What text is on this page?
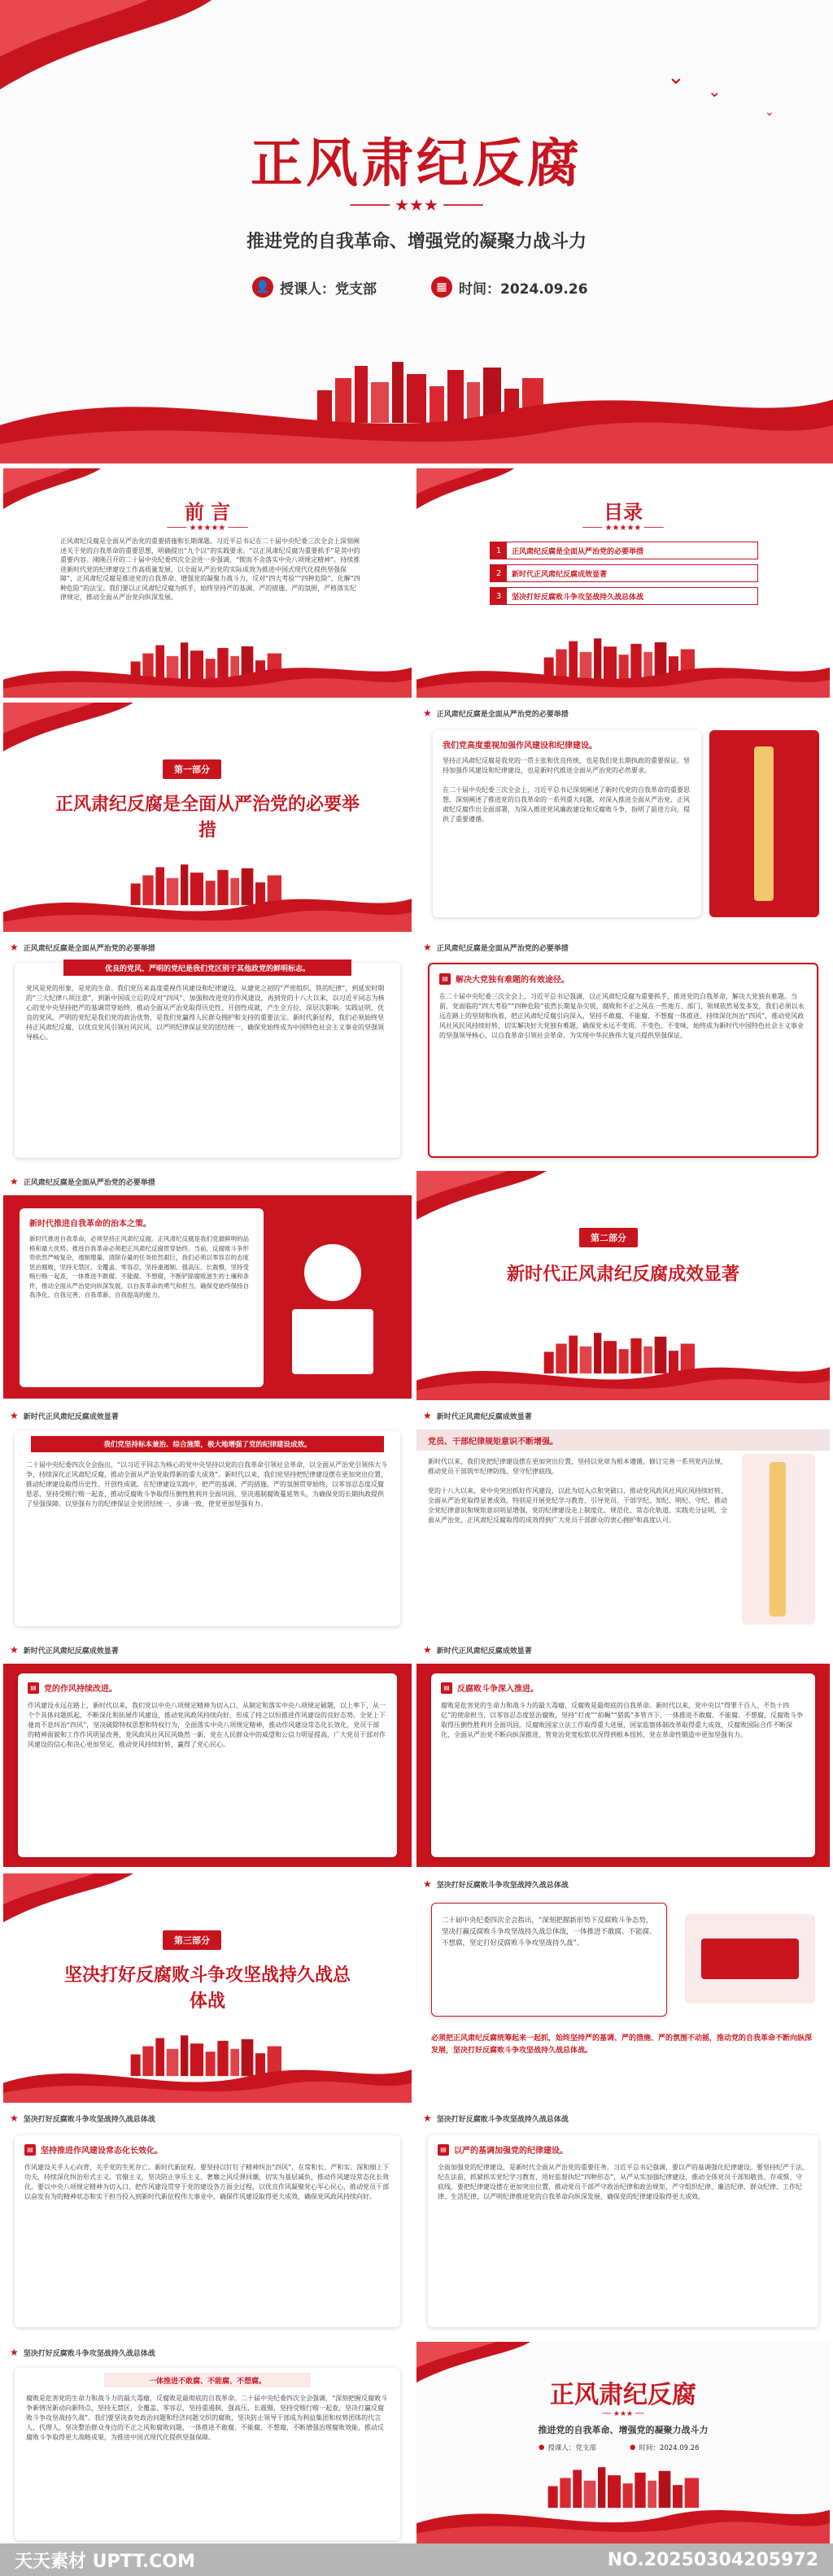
⌄
⌄
⌄
正风肃纪反腐
──── ★★★ ────
推进党的自我革命、增强党的凝聚力战斗力
👤 授课人：党支部	▦ 时间：2024.09.26
前 言
──── ★★★★★ ────
正风肃纪反腐是全面从严治党的重要措施和长期课题。习近平总书记在二十届中央纪委三次全会上深刻阐述关于党的自我革命的重要思想，明确提出“九个以”的实践要求。“以正风肃纪反腐为重要抓手”是其中的重要内容。刚刚召开的二十届中央纪委四次全会进一步强调，“锲而不舍落实中央八项规定精神”。持续推进新时代党的纪律建设工作高质量发展，以全面从严治党的实际成效为推进中国式现代化提供坚强保障”，正风肃纪反腐是推进党的自我革命、增强党的凝聚力战斗力，反对“四大考验”“四种危险”，化解“四种危险”的法宝。我们要以正风肃纪反腐为抓手，始终坚持严的基调、严的措施、严的氛围，严格落实纪律规定，推动全面从严治党向纵深发展。
目录
──── ★★★★★ ────
1	正风肃纪反腐是全面从严治党的必要举措
2	新时代正风肃纪反腐成效显著
3	坚决打好反腐败斗争攻坚战持久战总体战
第一部分
正风肃纪反腐是全面从严治党的必要举措
★ 正风肃纪反腐是全面从严治党的必要举措
我们党高度重视加强作风建设和纪律建设。
坚持正风肃纪反腐是我党的一贯主张和优良传统，也是我们党长期执政的重要保证。坚持加强作风建设和纪律建设，也是新时代推进全面从严治党的必然要求。

在二十届中央纪委三次全会上，习近平总书记深刻阐述了新时代党的自我革命的重要思想，深刻阐述了推进党的自我革命的一系列重大问题，对深入推进全面从严治党、正风肃纪反腐作出全面部署，为深入推进党风廉政建设和反腐败斗争，指明了前进方向，提供了重要遵循。
★ 正风肃纪反腐是全面从严治党的必要举措
优良的党风、严明的党纪是我们党区别于其他政党的鲜明标志。
党风是党的形象，是党的生命。我们党历来高度重视作风建设和纪律建设。从建党之初的“严密组织、铁的纪律”，到延安时期的“三大纪律八项注意”，到新中国成立后的反对“四风”、加强和改进党的作风建设，再到党的十八大以来，以习近平同志为核心的党中央坚持把严的基调贯穿始终，推动全面从严治党取得历史性、开创性成就，产生全方位、深层次影响。实践证明，优良的党风、严明的党纪是我们党的政治优势，是我们党赢得人民群众拥护和支持的重要法宝。新时代新征程，我们必须始终坚持正风肃纪反腐，以优良党风引领社风民风，以严明纪律保证党的团结统一，确保党始终成为中国特色社会主义事业的坚强领导核心。
★ 正风肃纪反腐是全面从严治党的必要举措
▤ 解决大党独有难题的有效途径。
在二十届中央纪委三次全会上，习近平总书记强调，以正风肃纪反腐为重要抓手，推进党的自我革命，解决大党独有难题。当前，党面临的“四大考验”“四种危险”依然长期复杂尖锐，腐败和不正之风在一些地方、部门、领域依然易发多发，我们必须以永远在路上的坚韧和执着，把正风肃纪反腐引向深入，坚持不敢腐、不能腐、不想腐一体推进，持续深化纠治“四风”，推动党风政风社风民风持续好转，切实解决好大党独有难题，确保党永远不变质、不变色、不变味，始终成为新时代中国特色社会主义事业的坚强领导核心，以自我革命引领社会革命，为实现中华民族伟大复兴提供坚强保证。
★ 正风肃纪反腐是全面从严治党的必要举措
新时代推进自我革命的治本之策。
新时代推进自我革命，必须坚持正风肃纪反腐。正风肃纪反腐是我们党最鲜明的品格和最大优势，推进自我革命必须把正风肃纪反腐贯穿始终。当前，反腐败斗争形势依然严峻复杂，遏制增量、清除存量的任务依然艰巨，我们必须以零容忍的态度惩治腐败，坚持无禁区、全覆盖、零容忍，坚持重遏制、强高压、长震慑，坚持受贿行贿一起查，一体推进不敢腐、不能腐、不想腐，不断铲除腐败滋生的土壤和条件，推动全面从严治党向纵深发展，以自我革命的勇气和担当，确保党始终保持自我净化、自我完善、自我革新、自我提高的能力。
第二部分
新时代正风肃纪反腐成效显著
★ 新时代正风肃纪反腐成效显著
我们党坚持标本兼治、综合施策，极大地增强了党的纪律建设成效。
二十届中央纪委四次全会指出，“以习近平同志为核心的党中央坚持以党的自我革命引领社会革命，以全面从严治党引领伟大斗争，持续深化正风肃纪反腐，推动全面从严治党取得新的重大成效”。新时代以来，我们党坚持把纪律建设摆在更加突出位置，推动纪律建设取得历史性、开创性成就。在纪律建设实践中，把严的基调、严的措施、严的氛围贯穿始终，以零容忍态度反腐惩恶，坚持受贿行贿一起查，推动反腐败斗争取得压倒性胜利并全面巩固，坚决遏制腐败蔓延势头，为确保党的长期执政提供了坚强保障。以坚强有力的纪律保证全党团结统一、步调一致，使党更加坚强有力。
★ 新时代正风肃纪反腐成效显著
党员、干部纪律规矩意识不断增强。
新时代以来，我们党把纪律建设摆在更加突出位置，坚持以党章为根本遵循，修订完善一系列党内法规，推动党员干部筑牢纪律防线、坚守纪律底线。

党的十八大以来，党中央突出抓好作风建设，以此为切入点和突破口，推动党风政风社风民风持续好转，全面从严治党取得显著成效。特别是开展党纪学习教育，引导党员、干部学纪、知纪、明纪、守纪，推动全党纪律意识和规矩意识明显增强，党的纪律建设走上制度化、规范化、常态化轨道。实践充分证明，全面从严治党、正风肃纪反腐取得的成效得到广大党员干部群众的衷心拥护和高度认可。
★ 新时代正风肃纪反腐成效显著
▤ 党的作风持续改进。
作风建设永远在路上，新时代以来，我们党以中央八项规定精神为切入口，从制定和落实中央八项规定破题，以上率下，从一个个具体问题抓起，不断深化和拓展作风建设，推动党风政风持续向好，形成了持之以恒推进作风建设的良好态势。全党上下驰而不息纠治“四风”，坚决破除特权思想和特权行为，全面落实中央八项规定精神，推动作风建设常态化长效化，党员干部的精神面貌和工作作风明显改善，党风政风社风民风焕然一新，党在人民群众中的威望和公信力明显提高，广大党员干部对作风建设的信心和决心更加坚定，推动党风持续好转，赢得了党心民心。
★ 新时代正风肃纪反腐成效显著
▤ 反腐败斗争深入推进。
腐败是危害党的生命力和战斗力的最大毒瘤，反腐败是最彻底的自我革命。新时代以来，党中央以“得罪千百人、不负十四亿”的使命担当，以零容忍态度惩治腐败，坚持“打虎”“拍蝇”“猎狐”多管齐下，一体推进不敢腐、不能腐、不想腐，反腐败斗争取得压倒性胜利并全面巩固。反腐败国家立法工作取得重大进展，国家监察体制改革取得重大成效，反腐败国际合作不断深化，全面从严治党不断向纵深推进，管党治党宽松软状况得到根本扭转，党在革命性锻造中更加坚强有力。
第三部分
坚决打好反腐败斗争攻坚战持久战总体战
★ 坚决打好反腐败斗争攻坚战持久战总体战
二十届中央纪委四次全会指出，“深刻把握新形势下反腐败斗争态势，坚决打赢反腐败斗争攻坚战持久战总体战，一体推进不敢腐、不能腐、不想腐，坚定打好反腐败斗争攻坚战持久战”。
必须把正风肃纪反腐统筹起来一起抓，始终坚持严的基调、严的措施、严的氛围不动摇，推动党的自我革命不断向纵深发展，坚决打好反腐败斗争攻坚战持久战总体战。
★ 坚决打好反腐败斗争攻坚战持久战总体战
▤ 坚持推进作风建设常态化长效化。
作风建设关乎人心向背，关乎党的生死存亡。新时代新征程，要坚持以钉钉子精神纠治“四风”，在常和长、严和实、深和细上下功夫，持续深化纠治形式主义、官僚主义，坚决防止享乐主义、奢靡之风反弹回潮，切实为基层减负，推动作风建设常态化长效化。要以中央八项规定精神为切入口，把作风建设贯穿于党的建设各方面全过程，以优良作风凝聚党心军心民心，推动党员干部以奋发有为的精神状态和实干担当投入到新时代新征程伟大事业中，确保作风建设取得更大成效，确保党风政风持续向好。
★ 坚决打好反腐败斗争攻坚战持久战总体战
▤ 以严的基调加强党的纪律建设。
全面加强党的纪律建设，是新时代全面从严治党的重要任务。习近平总书记强调，要以严的基调强化纪律建设。要坚持纪严于法、纪在法前，抓紧抓实党纪学习教育，用好监督执纪“四种形态”，从严从实加强纪律建设，推动全体党员干部知敬畏、存戒惧、守底线。要把纪律建设摆在更加突出位置，推动党员干部严守政治纪律和政治规矩，严守组织纪律、廉洁纪律、群众纪律、工作纪律、生活纪律，以严明纪律推进党的自我革命向纵深发展，确保党的纪律建设取得更大成效。
★ 坚决打好反腐败斗争攻坚战持久战总体战
一体推进不敢腐、不能腐、不想腐。
腐败是危害党的生命力和战斗力的最大毒瘤，反腐败是最彻底的自我革命。二十届中央纪委四次全会强调，“深刻把握反腐败斗争新情况新动向新特点，坚持无禁区、全覆盖、零容忍，坚持重遏制、强高压、长震慑，坚持受贿行贿一起查，坚决打赢反腐败斗争攻坚战持久战”。我们要坚决查处政治问题和经济问题交织的腐败，坚决防止领导干部成为利益集团和权势团体的代言人、代理人，坚决整治群众身边的不正之风和腐败问题，一体推进不敢腐、不能腐、不想腐，不断增强治理腐败效能，推动反腐败斗争取得更大战略成果，为推进中国式现代化提供坚强保障。
正风肃纪反腐
── ★★★ ──
推进党的自我革命、增强党的凝聚力战斗力
● 授课人：党支部	● 时间：2024.09.26
天天素材 UPTT.COM	NO.20250304205972
